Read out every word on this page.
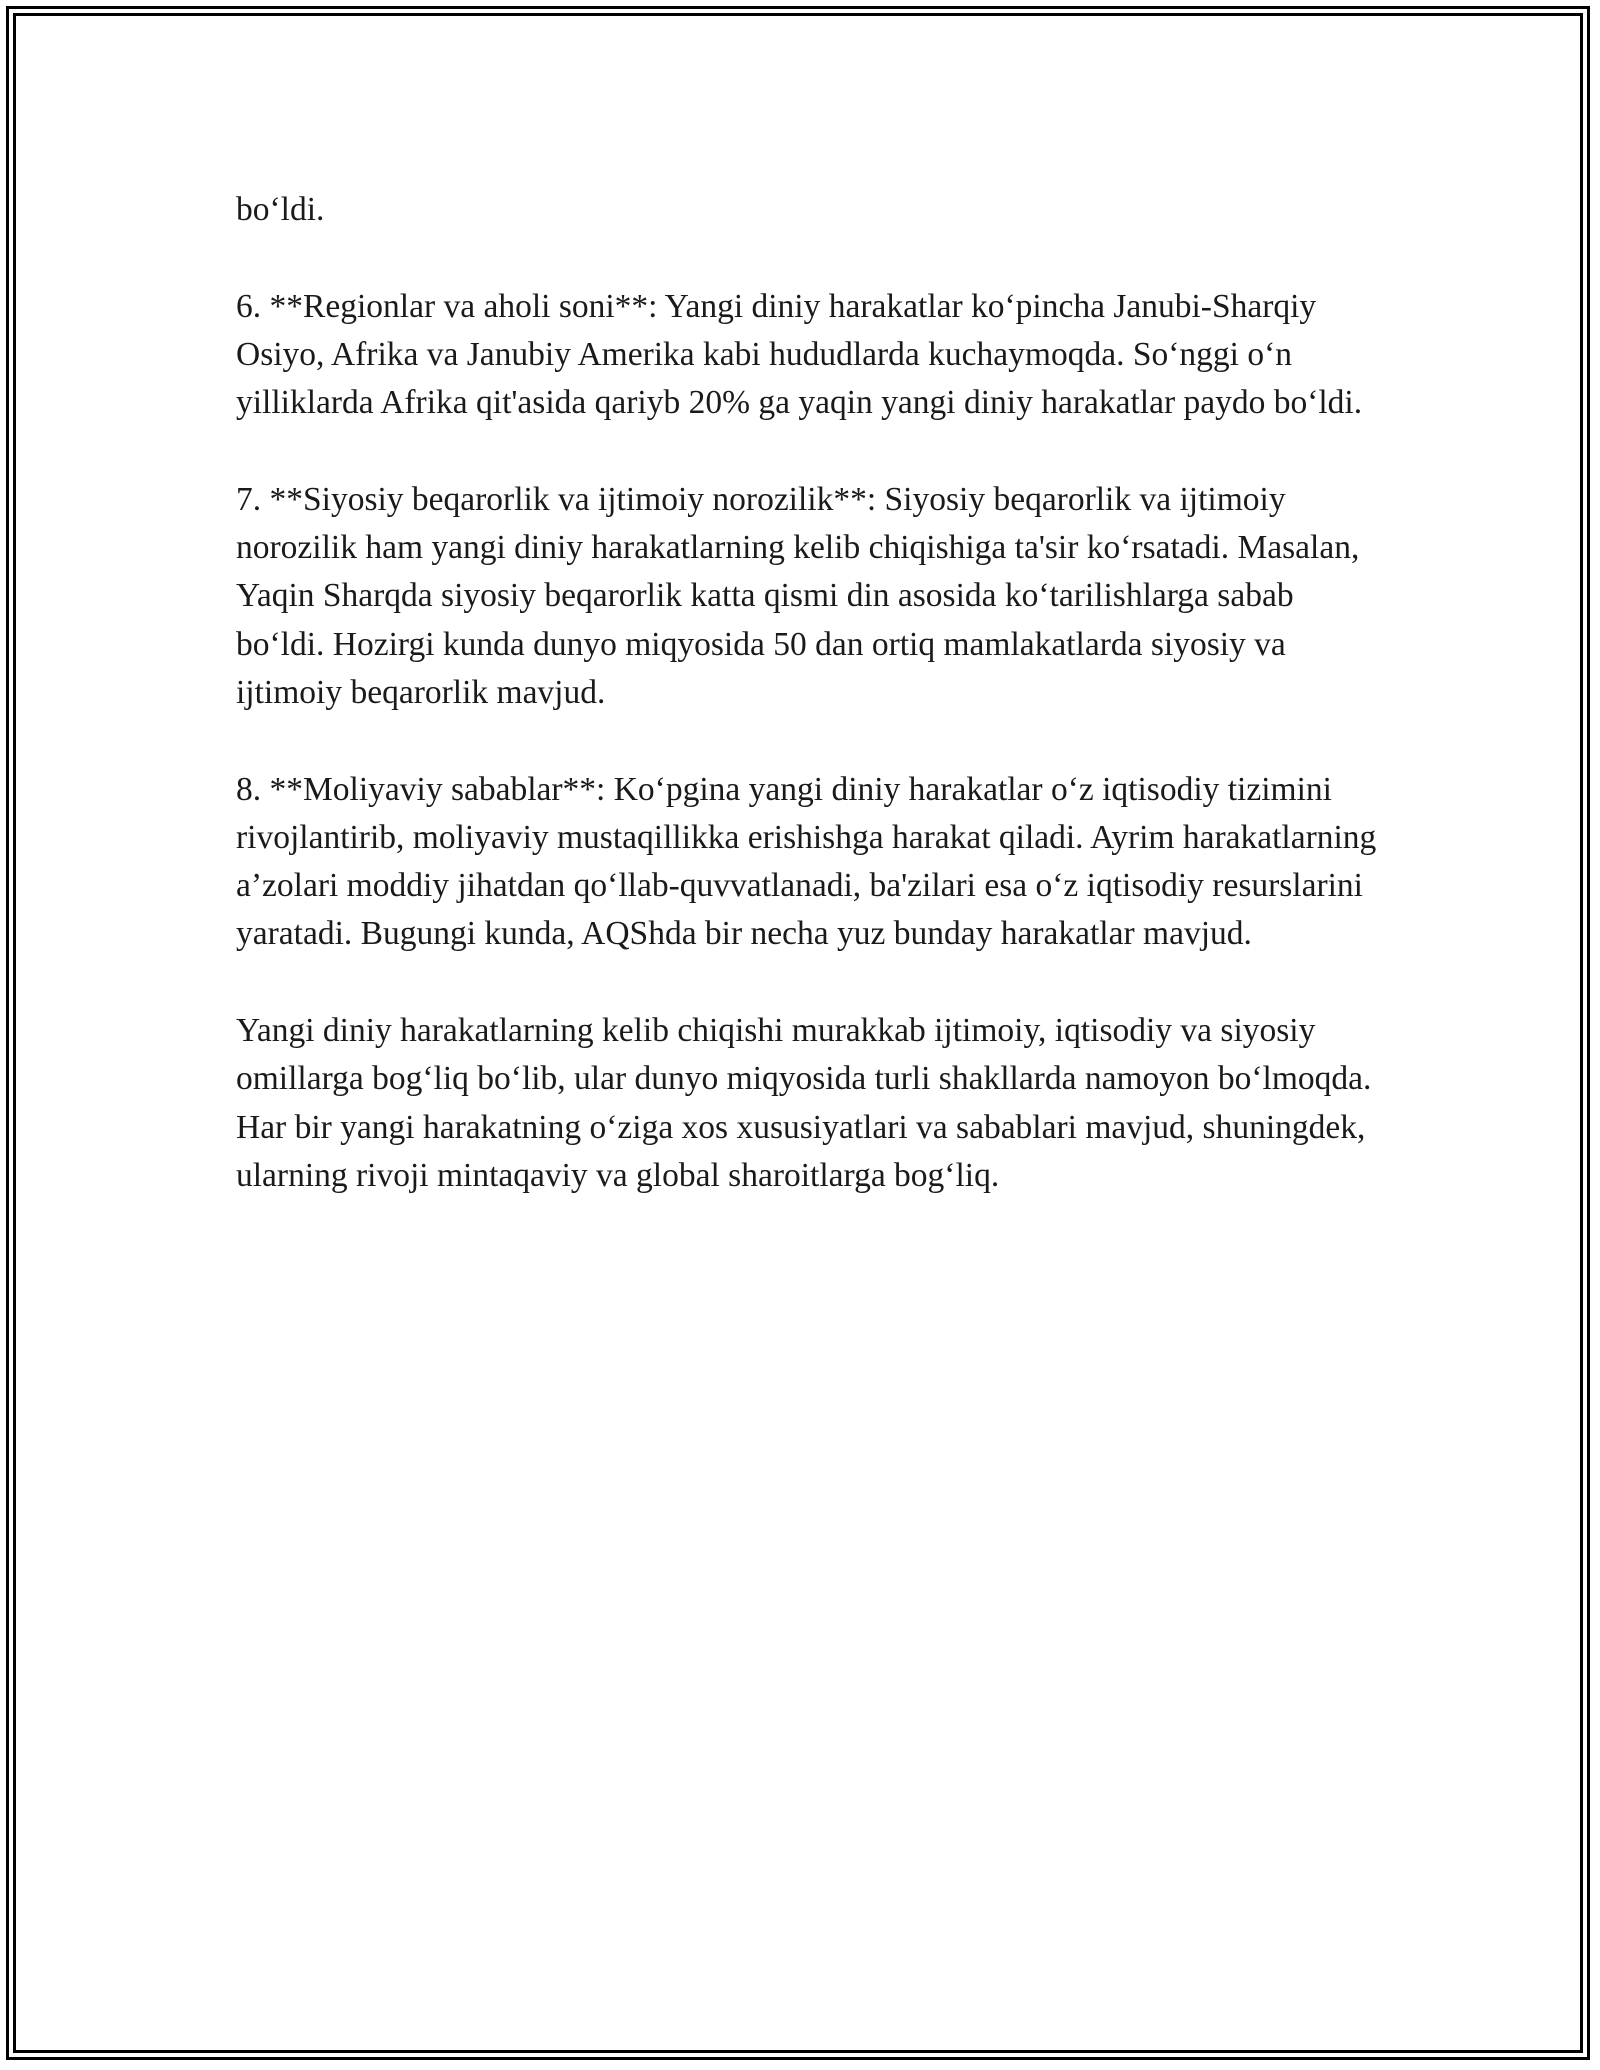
bo‘ldi.

6. **Regionlar va aholi soni**: Yangi diniy harakatlar ko‘pincha Janubi-Sharqiy Osiyo, Afrika va Janubiy Amerika kabi hududlarda kuchaymoqda. So‘nggi o‘n yilliklarda Afrika qit'asida qariyb 20% ga yaqin yangi diniy harakatlar paydo bo‘ldi.

7. **Siyosiy beqarorlik va ijtimoiy norozilik**: Siyosiy beqarorlik va ijtimoiy norozilik ham yangi diniy harakatlarning kelib chiqishiga ta'sir ko‘rsatadi. Masalan, Yaqin Sharqda siyosiy beqarorlik katta qismi din asosida ko‘tarilishlarga sabab bo‘ldi. Hozirgi kunda dunyo miqyosida 50 dan ortiq mamlakatlarda siyosiy va ijtimoiy beqarorlik mavjud.

8. **Moliyaviy sabablar**: Ko‘pgina yangi diniy harakatlar o‘z iqtisodiy tizimini rivojlantirib, moliyaviy mustaqillikka erishishga harakat qiladi. Ayrim harakatlarning a’zolari moddiy jihatdan qo‘llab-quvvatlanadi, ba'zilari esa o‘z iqtisodiy resurslarini yaratadi. Bugungi kunda, AQShda bir necha yuz bunday harakatlar mavjud.

Yangi diniy harakatlarning kelib chiqishi murakkab ijtimoiy, iqtisodiy va siyosiy omillarga bog‘liq bo‘lib, ular dunyo miqyosida turli shakllarda namoyon bo‘lmoqda. Har bir yangi harakatning o‘ziga xos xususiyatlari va sabablari mavjud, shuningdek, ularning rivoji mintaqaviy va global sharoitlarga bog‘liq.
